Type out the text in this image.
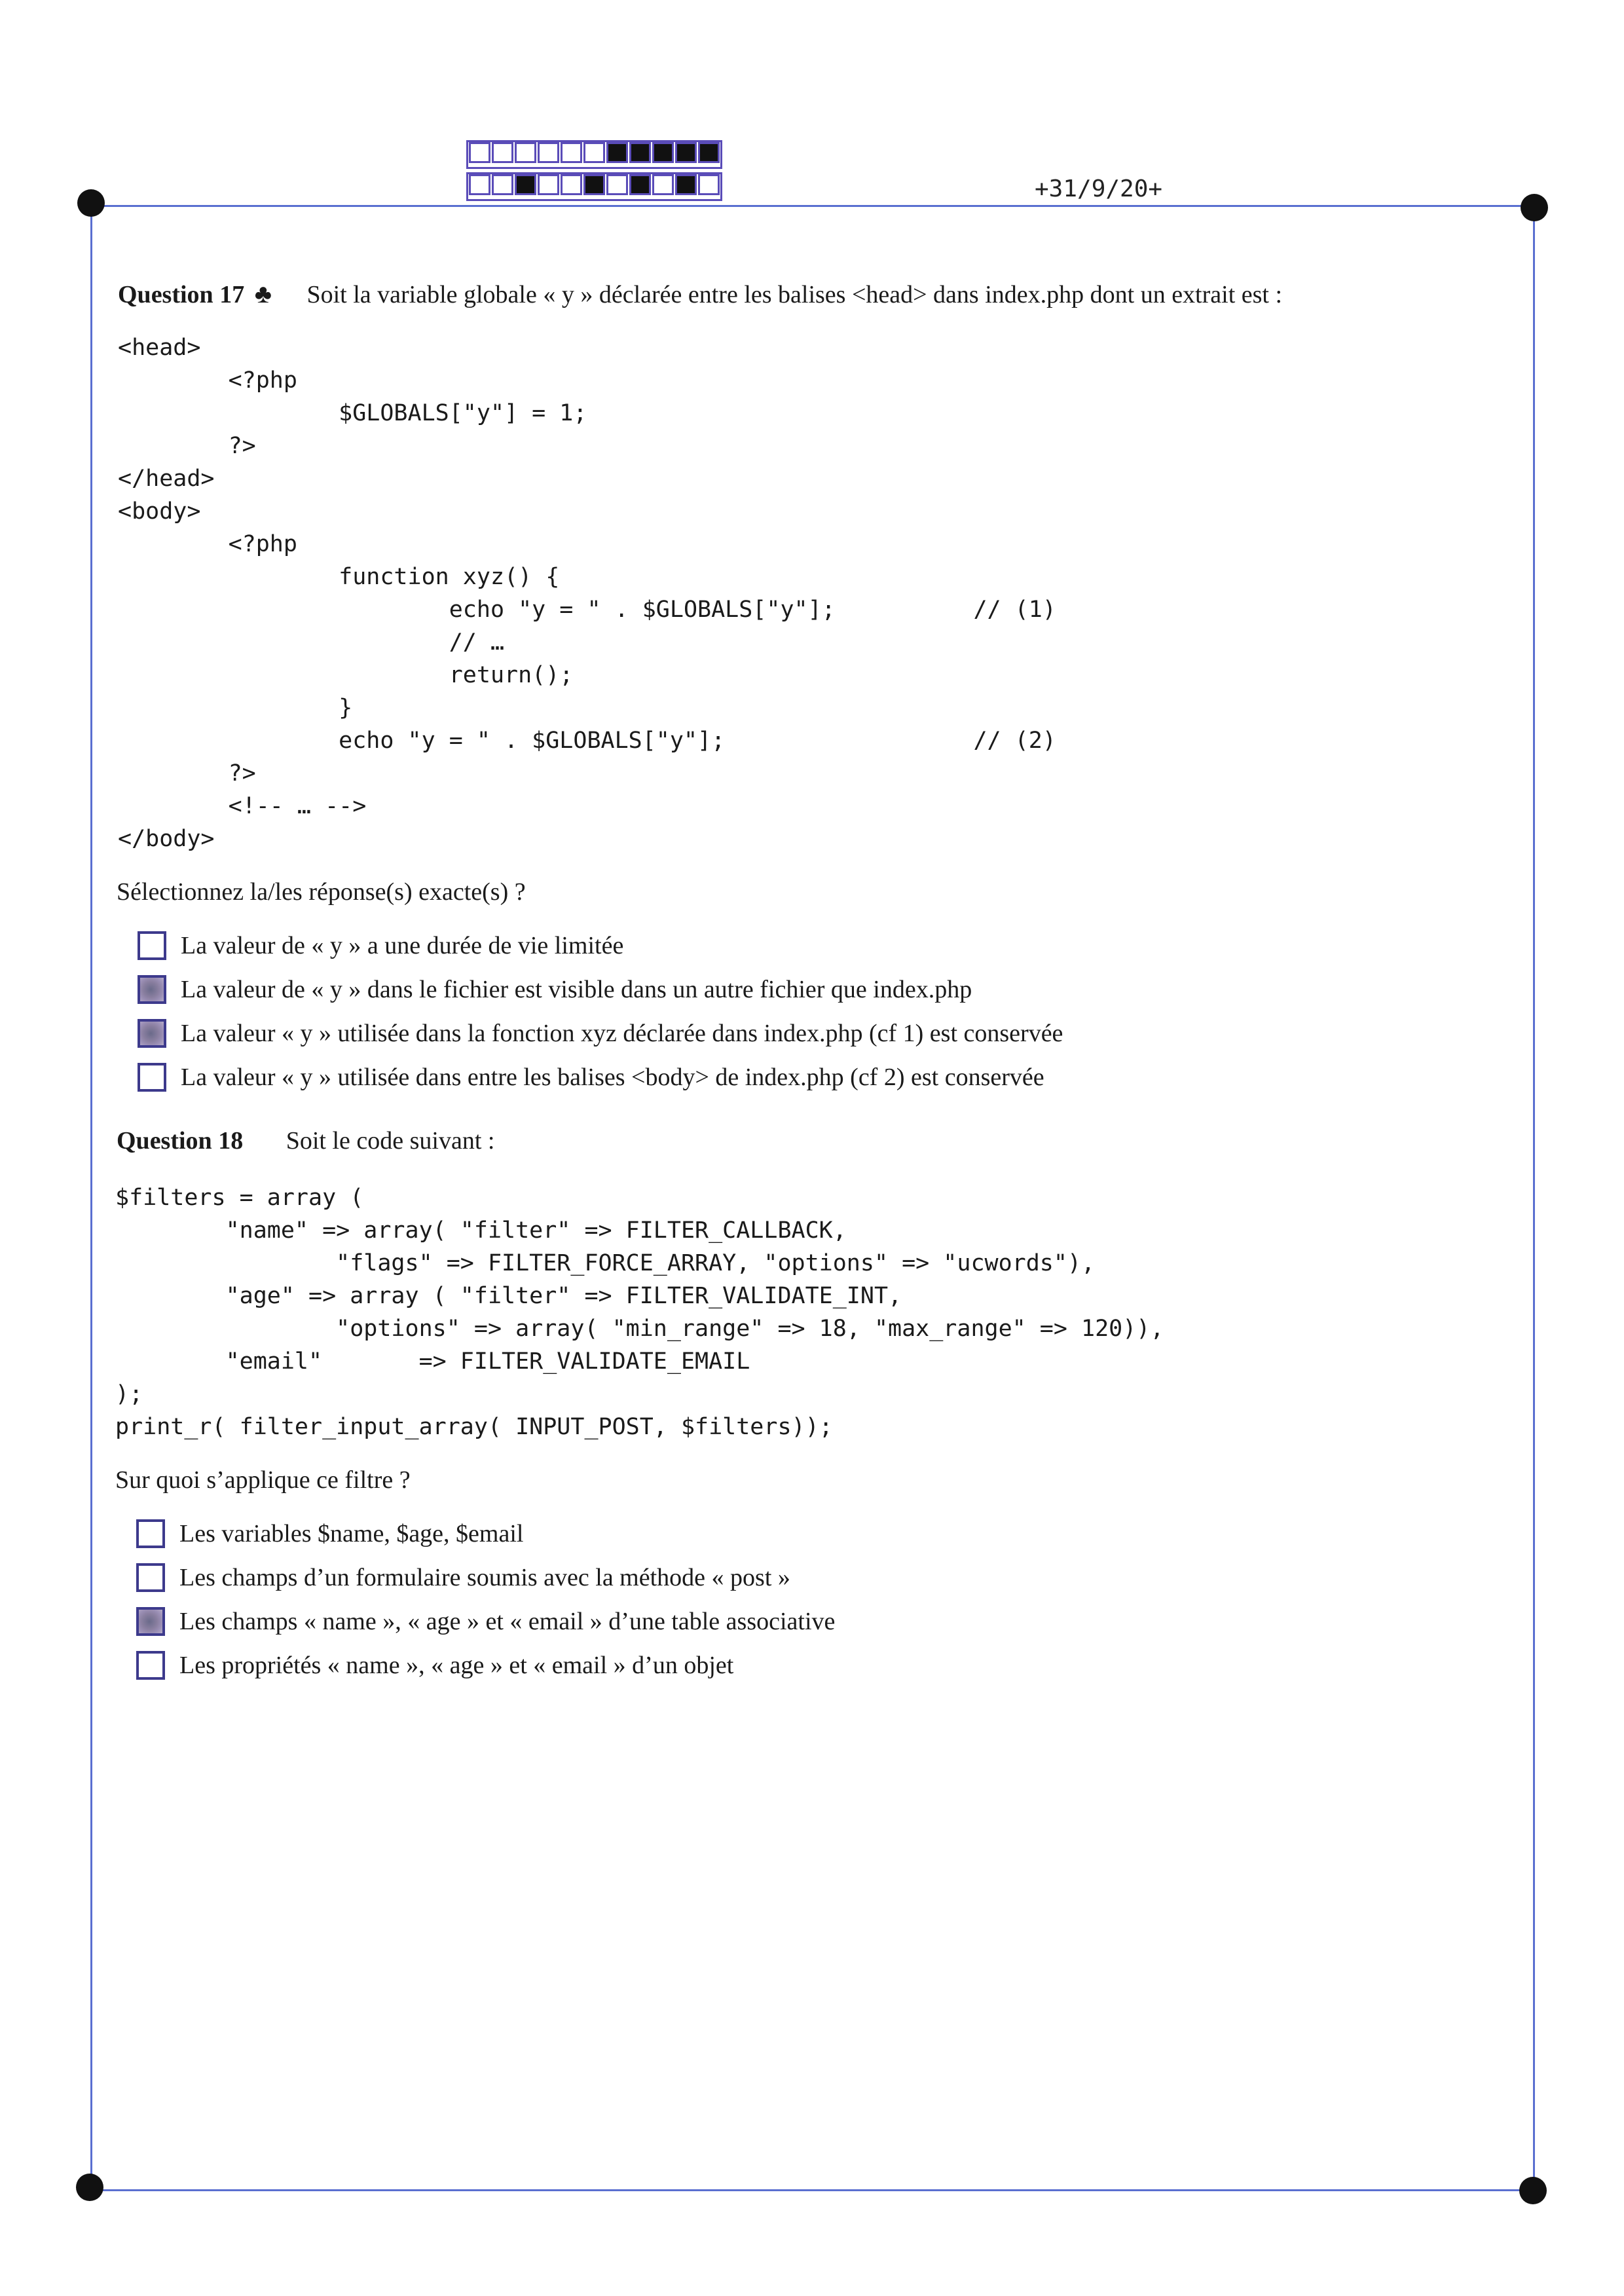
+31/9/20+
Question 17 ♣ Soit la variable globale « y » déclarée entre les balises <head> dans index.php dont un extrait est :
<head>
<?php
$GLOBALS["y"] = 1;
?>
</head>
<body>
<?php
function xyz() {
echo "y = " . $GLOBALS["y"];          // (1)
// …
return();
}
echo "y = " . $GLOBALS["y"];                  // (2)
?>
<!-- … -->
</body>
Sélectionnez la/les réponse(s) exacte(s) ?
La valeur de « y » a une durée de vie limitée
La valeur de « y » dans le fichier est visible dans un autre fichier que index.php
La valeur « y » utilisée dans la fonction xyz déclarée dans index.php (cf 1) est conservée
La valeur « y » utilisée dans entre les balises <body> de index.php (cf 2) est conservée
Question 18 Soit le code suivant :
$filters = array (
"name" => array( "filter" => FILTER_CALLBACK,
"flags" => FILTER_FORCE_ARRAY, "options" => "ucwords"),
"age" => array ( "filter" => FILTER_VALIDATE_INT,
"options" => array( "min_range" => 18, "max_range" => 120)),
"email"       => FILTER_VALIDATE_EMAIL
);
print_r( filter_input_array( INPUT_POST, $filters));
Sur quoi s’applique ce filtre ?
Les variables $name, $age, $email
Les champs d’un formulaire soumis avec la méthode « post »
Les champs « name », « age » et « email » d’une table associative
Les propriétés « name », « age » et « email » d’un objet
